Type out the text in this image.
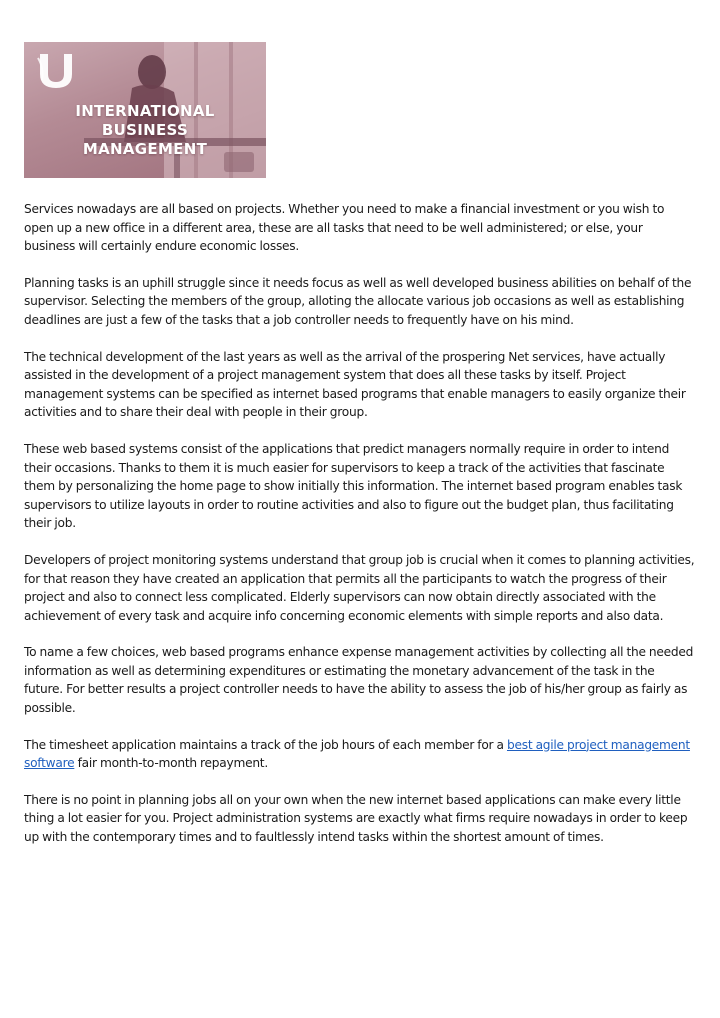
INTERNATIONAL
BUSINESS
MANAGEMENT

Services nowadays are all based on projects. Whether you need to make a financial investment or you wish to open up a new office in a different area, these are all tasks that need to be well administered; or else, your business will certainly endure economic losses.

Planning tasks is an uphill struggle since it needs focus as well as well developed business abilities on behalf of the supervisor. Selecting the members of the group, alloting the allocate various job occasions as well as establishing deadlines are just a few of the tasks that a job controller needs to frequently have on his mind.

The technical development of the last years as well as the arrival of the prospering Net services, have actually assisted in the development of a project management system that does all these tasks by itself. Project management systems can be specified as internet based programs that enable managers to easily organize their activities and to share their deal with people in their group.

These web based systems consist of the applications that predict managers normally require in order to intend their occasions. Thanks to them it is much easier for supervisors to keep a track of the activities that fascinate them by personalizing the home page to show initially this information. The internet based program enables task supervisors to utilize layouts in order to routine activities and also to figure out the budget plan, thus facilitating their job.

Developers of project monitoring systems understand that group job is crucial when it comes to planning activities, for that reason they have created an application that permits all the participants to watch the progress of their project and also to connect less complicated. Elderly supervisors can now obtain directly associated with the achievement of every task and acquire info concerning economic elements with simple reports and also data.

To name a few choices, web based programs enhance expense management activities by collecting all the needed information as well as determining expenditures or estimating the monetary advancement of the task in the future. For better results a project controller needs to have the ability to assess the job of his/her group as fairly as possible.

The timesheet application maintains a track of the job hours of each member for a best agile project management software fair month-to-month repayment.

There is no point in planning jobs all on your own when the new internet based applications can make every little thing a lot easier for you. Project administration systems are exactly what firms require nowadays in order to keep up with the contemporary times and to faultlessly intend tasks within the shortest amount of times.
